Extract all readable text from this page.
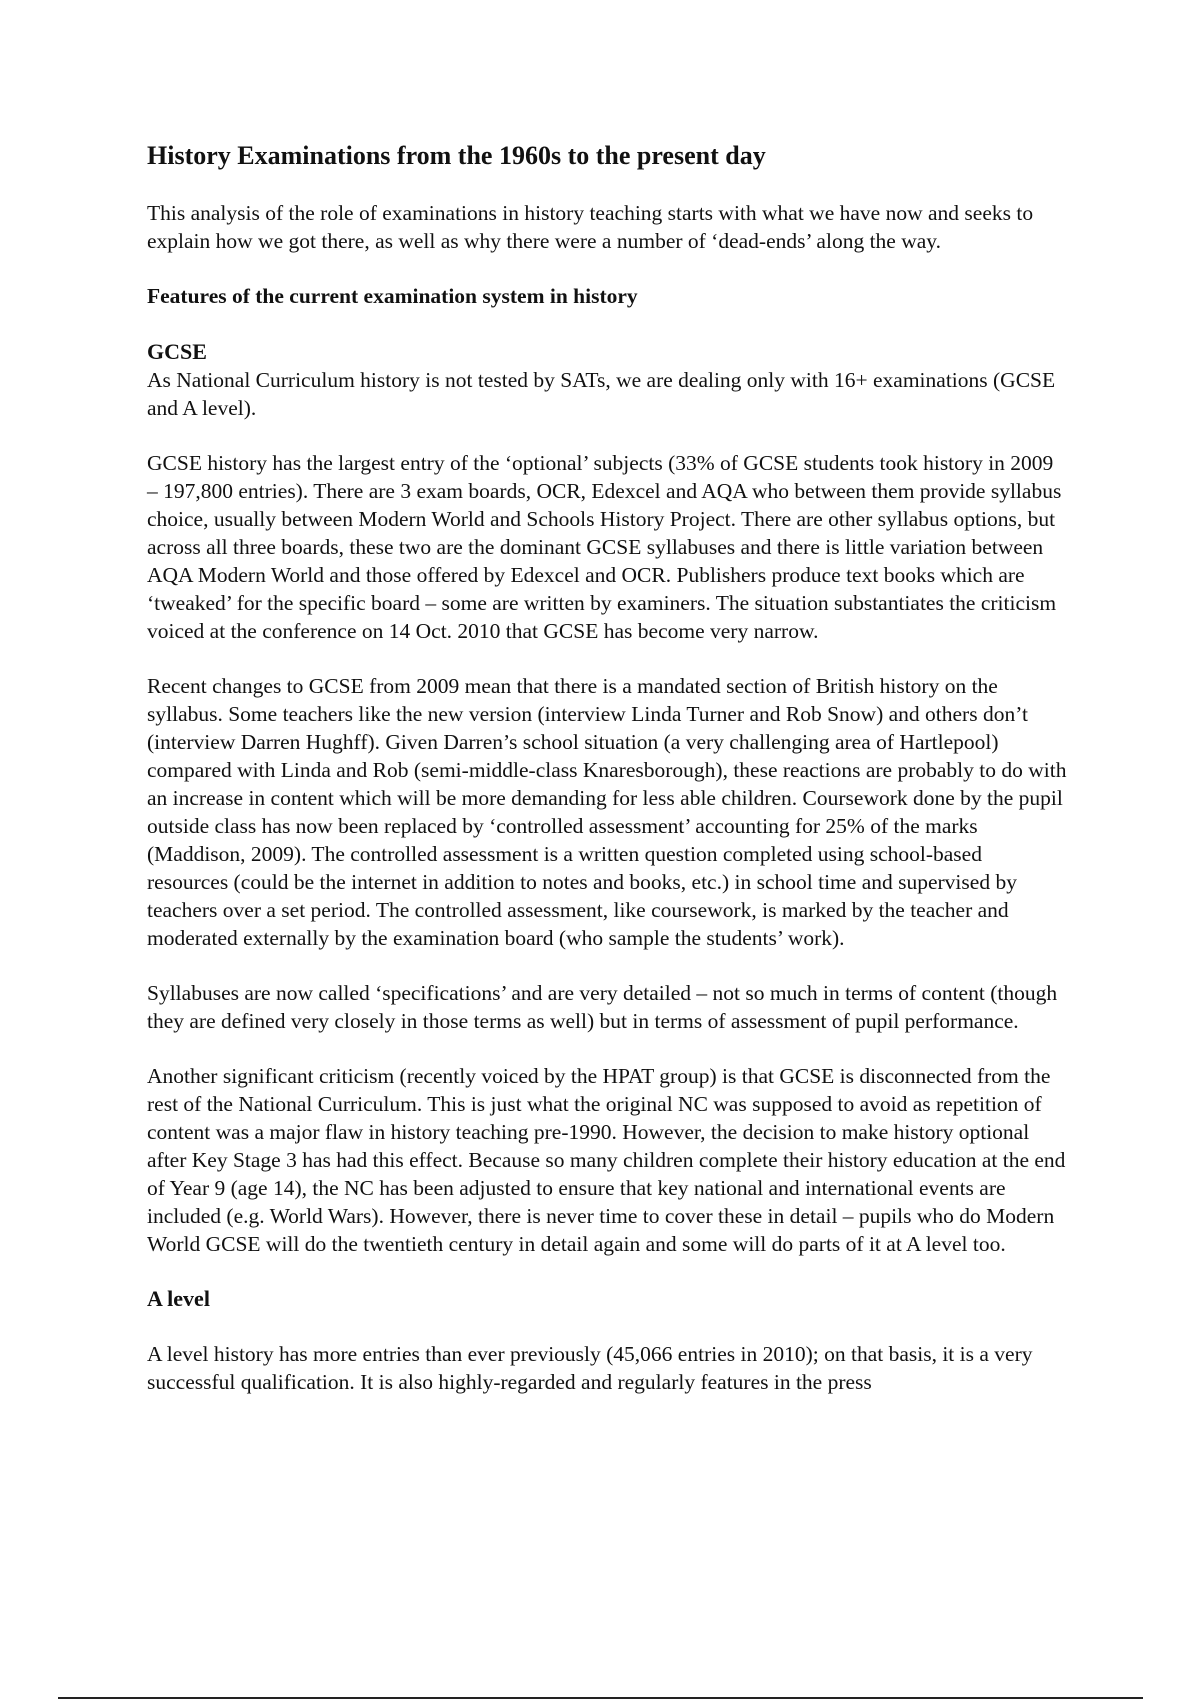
History Examinations from the 1960s to the present day

This analysis of the role of examinations in history teaching starts with what we have now and seeks to explain how we got there, as well as why there were a number of ‘dead-ends’ along the way.

Features of the current examination system in history
GCSE

As National Curriculum history is not tested by SATs, we are dealing only with 16+ examinations (GCSE and A level).

GCSE history has the largest entry of the ‘optional’ subjects (33% of GCSE students took history in 2009 – 197,800 entries). There are 3 exam boards, OCR, Edexcel and AQA who between them provide syllabus choice, usually between Modern World and Schools History Project. There are other syllabus options, but across all three boards, these two are the dominant GCSE syllabuses and there is little variation between AQA Modern World and those offered by Edexcel and OCR. Publishers produce text books which are ‘tweaked’ for the specific board – some are written by examiners. The situation substantiates the criticism voiced at the conference on 14 Oct. 2010 that GCSE has become very narrow.

Recent changes to GCSE from 2009 mean that there is a mandated section of British history on the syllabus. Some teachers like the new version (interview Linda Turner and Rob Snow) and others don’t (interview Darren Hughff). Given Darren’s school situation (a very challenging area of Hartlepool) compared with Linda and Rob (semi-middle-class Knaresborough), these reactions are probably to do with an increase in content which will be more demanding for less able children. Coursework done by the pupil outside class has now been replaced by ‘controlled assessment’ accounting for 25% of the marks (Maddison, 2009). The controlled assessment is a written question completed using school-based resources (could be the internet in addition to notes and books, etc.) in school time and supervised by teachers over a set period. The controlled assessment, like coursework, is marked by the teacher and moderated externally by the examination board (who sample the students’ work).

Syllabuses are now called ‘specifications’ and are very detailed – not so much in terms of content (though they are defined very closely in those terms as well) but in terms of assessment of pupil performance.

Another significant criticism (recently voiced by the HPAT group) is that GCSE is disconnected from the rest of the National Curriculum. This is just what the original NC was supposed to avoid as repetition of content was a major flaw in history teaching pre-1990. However, the decision to make history optional after Key Stage 3 has had this effect. Because so many children complete their history education at the end of Year 9 (age 14), the NC has been adjusted to ensure that key national and international events are included (e.g. World Wars). However, there is never time to cover these in detail – pupils who do Modern World GCSE will do the twentieth century in detail again and some will do parts of it at A level too.

A level

A level history has more entries than ever previously (45,066 entries in 2010); on that basis, it is a very successful qualification. It is also highly-regarded and regularly features in the press
